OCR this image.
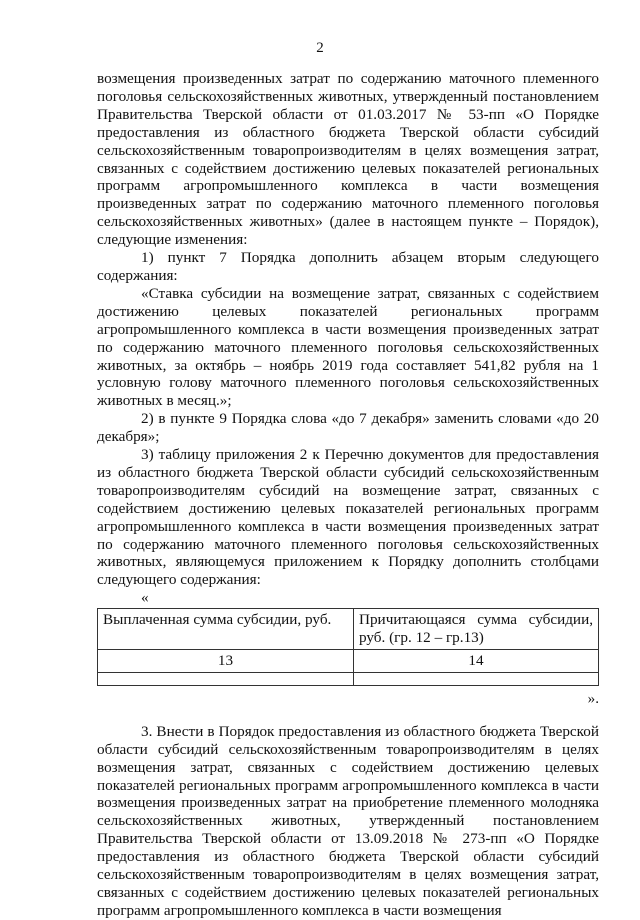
2

возмещения произведенных затрат по содержанию маточного племенного поголовья сельскохозяйственных животных, утвержденный постановлением Правительства Тверской области от 01.03.2017 № 53-пп «О Порядке предоставления из областного бюджета Тверской области субсидий сельскохозяйственным товаропроизводителям в целях возмещения затрат, связанных с содействием достижению целевых показателей региональных программ агропромышленного комплекса в части возмещения произведенных затрат по содержанию маточного племенного поголовья сельскохозяйственных животных» (далее в настоящем пункте – Порядок), следующие изменения:

1) пункт 7 Порядка дополнить абзацем вторым следующего содержания:

«Ставка субсидии на возмещение затрат, связанных с содействием достижению целевых показателей региональных программ агропромышленного комплекса в части возмещения произведенных затрат по содержанию маточного племенного поголовья сельскохозяйственных животных, за октябрь – ноябрь 2019 года составляет 541,82 рубля на 1 условную голову маточного племенного поголовья сельскохозяйственных животных в месяц.»;

2) в пункте 9 Порядка слова «до 7 декабря» заменить словами «до 20 декабря»;

3) таблицу приложения 2 к Перечню документов для предоставления из областного бюджета Тверской области субсидий сельскохозяйственным товаропроизводителям субсидий на возмещение затрат, связанных с содействием достижению целевых показателей региональных программ агропромышленного комплекса в части возмещения произведенных затрат по содержанию маточного племенного поголовья сельскохозяйственных животных, являющемуся приложением к Порядку дополнить столбцами следующего содержания:

«

Выплаченная сумма субсидии, руб.	Причитающаяся сумма субсидии, руб. (гр. 12 – гр.13)
13	14

».

3. Внести в Порядок предоставления из областного бюджета Тверской области субсидий сельскохозяйственным товаропроизводителям в целях возмещения затрат, связанных с содействием достижению целевых показателей региональных программ агропромышленного комплекса в части возмещения произведенных затрат на приобретение племенного молодняка сельскохозяйственных животных, утвержденный постановлением Правительства Тверской области от 13.09.2018 № 273-пп «О Порядке предоставления из областного бюджета Тверской области субсидий сельскохозяйственным товаропроизводителям в целях возмещения затрат, связанных с содействием достижению целевых показателей региональных программ агропромышленного комплекса в части возмещения
